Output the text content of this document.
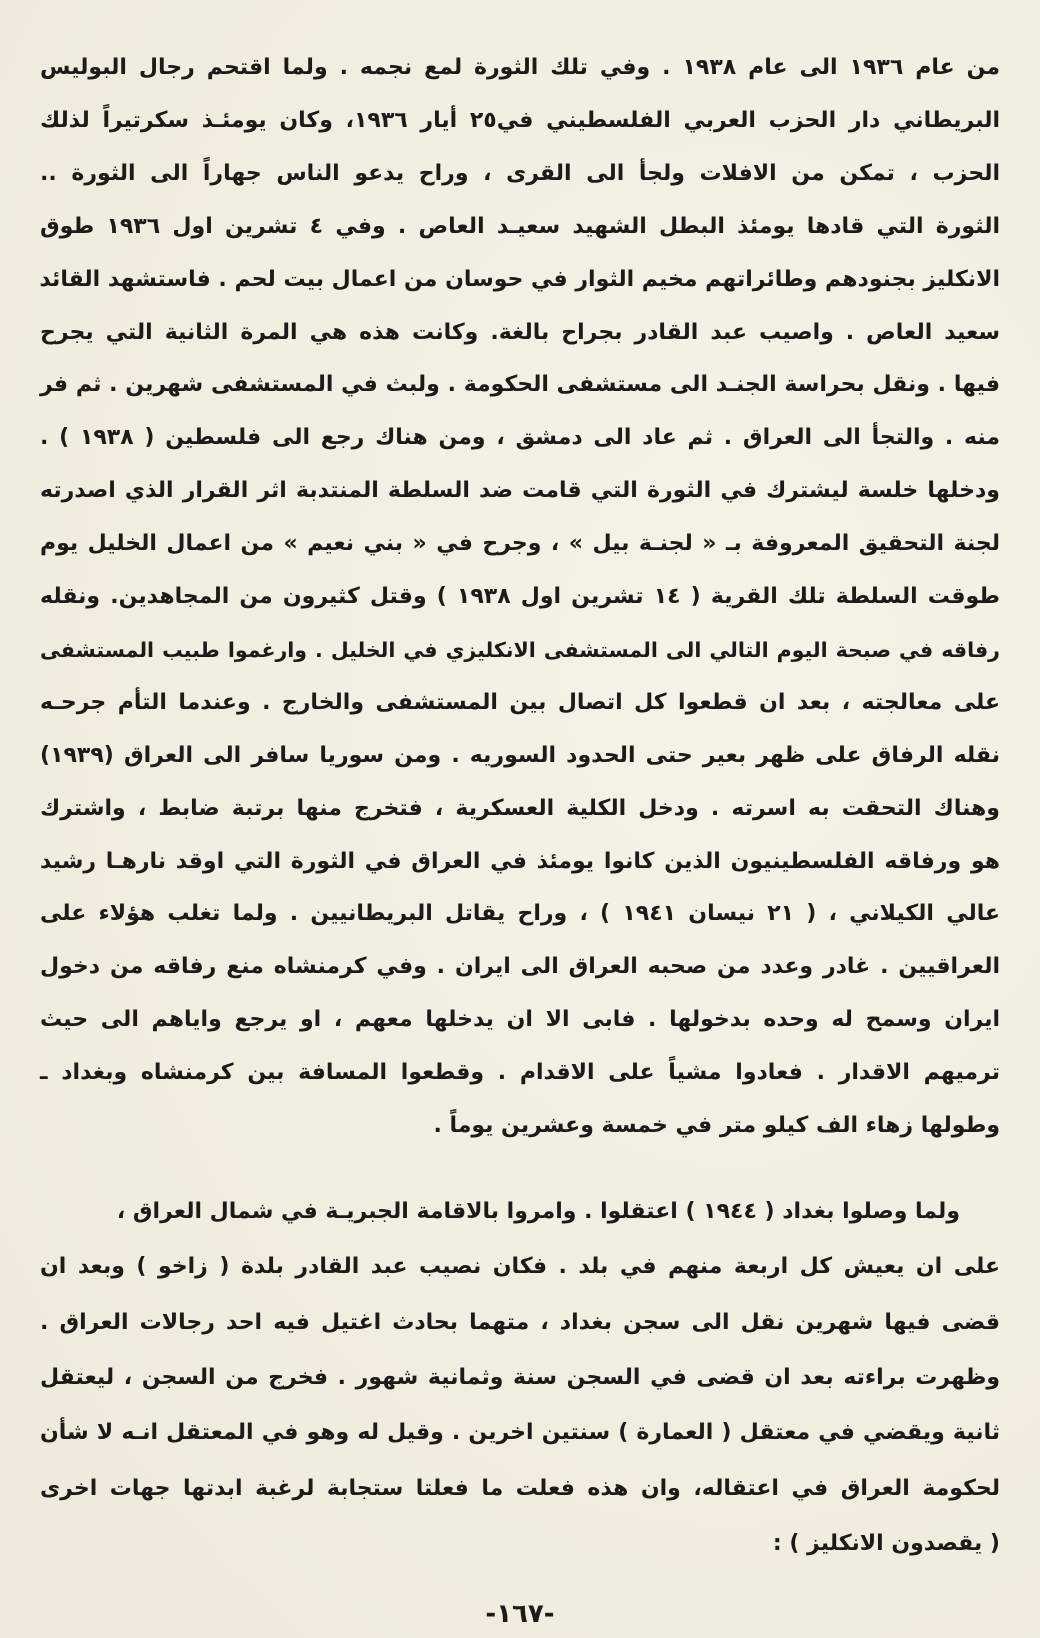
من عام ١٩٣٦ الى عام ١٩٣٨ . وفي تلك الثورة لمع نجمه . ولما اقتحم رجال البوليس
البريطاني دار الحزب العربي الفلسطيني في٢٥ أيار ١٩٣٦، وكان يومئـذ سكرتيراً لذلك
الحزب ، تمكن من الافلات ولجأ الى القرى ، وراح يدعو الناس جهاراً الى الثورة ..
الثورة التي قادها يومئذ البطل الشهيد سعيـد العاص . وفي ٤ تشرين اول ١٩٣٦ طوق
الانكليز بجنودهم وطائراتهم مخيم الثوار في حوسان من اعمال بيت لحم . فاستشهد القائد
سعيد العاص . واصيب عبد القادر بجراح بالغة. وكانت هذه هي المرة الثانية التي يجرح
فيها . ونقل بحراسة الجنـد الى مستشفى الحكومة . ولبث في المستشفى شهرين . ثم فر
منه . والتجأ الى العراق . ثم عاد الى دمشق ، ومن هناك رجع الى فلسطين ( ١٩٣٨ ) .
ودخلها خلسة ليشترك في الثورة التي قامت ضد السلطة المنتدبة اثر القرار الذي اصدرته
لجنة التحقيق المعروفة بـ « لجنـة بيل » ، وجرح في « بني نعيم » من اعمال الخليل يوم
طوقت السلطة تلك القرية ( ١٤ تشرين اول ١٩٣٨ ) وقتل كثيرون من المجاهدين. ونقله
رفاقه في صبحة اليوم التالي الى المستشفى الانكليزي في الخليل . وارغموا طبيب المستشفى
على معالجته ، بعد ان قطعوا كل اتصال بين المستشفى والخارج . وعندما التأم جرحـه
نقله الرفاق على ظهر بعير حتى الحدود السوريه . ومن سوريا سافر الى العراق (١٩٣٩)
وهناك التحقت به اسرته . ودخل الكلية العسكرية ، فتخرج منها برتبة ضابط ، واشترك
هو ورفاقه الفلسطينيون الذين كانوا يومئذ في العراق في الثورة التي اوقد نارهـا رشيد
عالي الكيلاني ، ( ٢١ نيسان ١٩٤١ ) ، وراح يقاتل البريطانيين . ولما تغلب هؤلاء على
العراقيين . غادر وعدد من صحبه العراق الى ايران . وفي كرمنشاه منع رفاقه من دخول
ايران وسمح له وحده بدخولها . فابى الا ان يدخلها معهم ، او يرجع واياهم الى حيث
ترميهم الاقدار . فعادوا مشياً على الاقدام . وقطعوا المسافة بين كرمنشاه وبغداد ـ
وطولها زهاء الف كيلو متر في خمسة وعشرين يوماً .
ولما وصلوا بغداد ( ١٩٤٤ ) اعتقلوا . وامروا بالاقامة الجبريـة في شمال العراق ،
على ان يعيش كل اربعة منهم في بلد . فكان نصيب عبد القادر بلدة ( زاخو ) وبعد ان
قضى فيها شهرين نقل الى سجن بغداد ، متهما بحادث اغتيل فيه احد رجالات العراق .
وظهرت براءته بعد ان قضى في السجن سنة وثمانية شهور . فخرج من السجن ، ليعتقل
ثانية ويقضي في معتقل ( العمارة ) سنتين اخرين . وقيل له وهو في المعتقل انـه لا شأن
لحكومة العراق في اعتقاله، وان هذه فعلت ما فعلتا ستجابة لرغبة ابدتها جهات اخرى
( يقصدون الانكليز ) :
-١٦٧-
